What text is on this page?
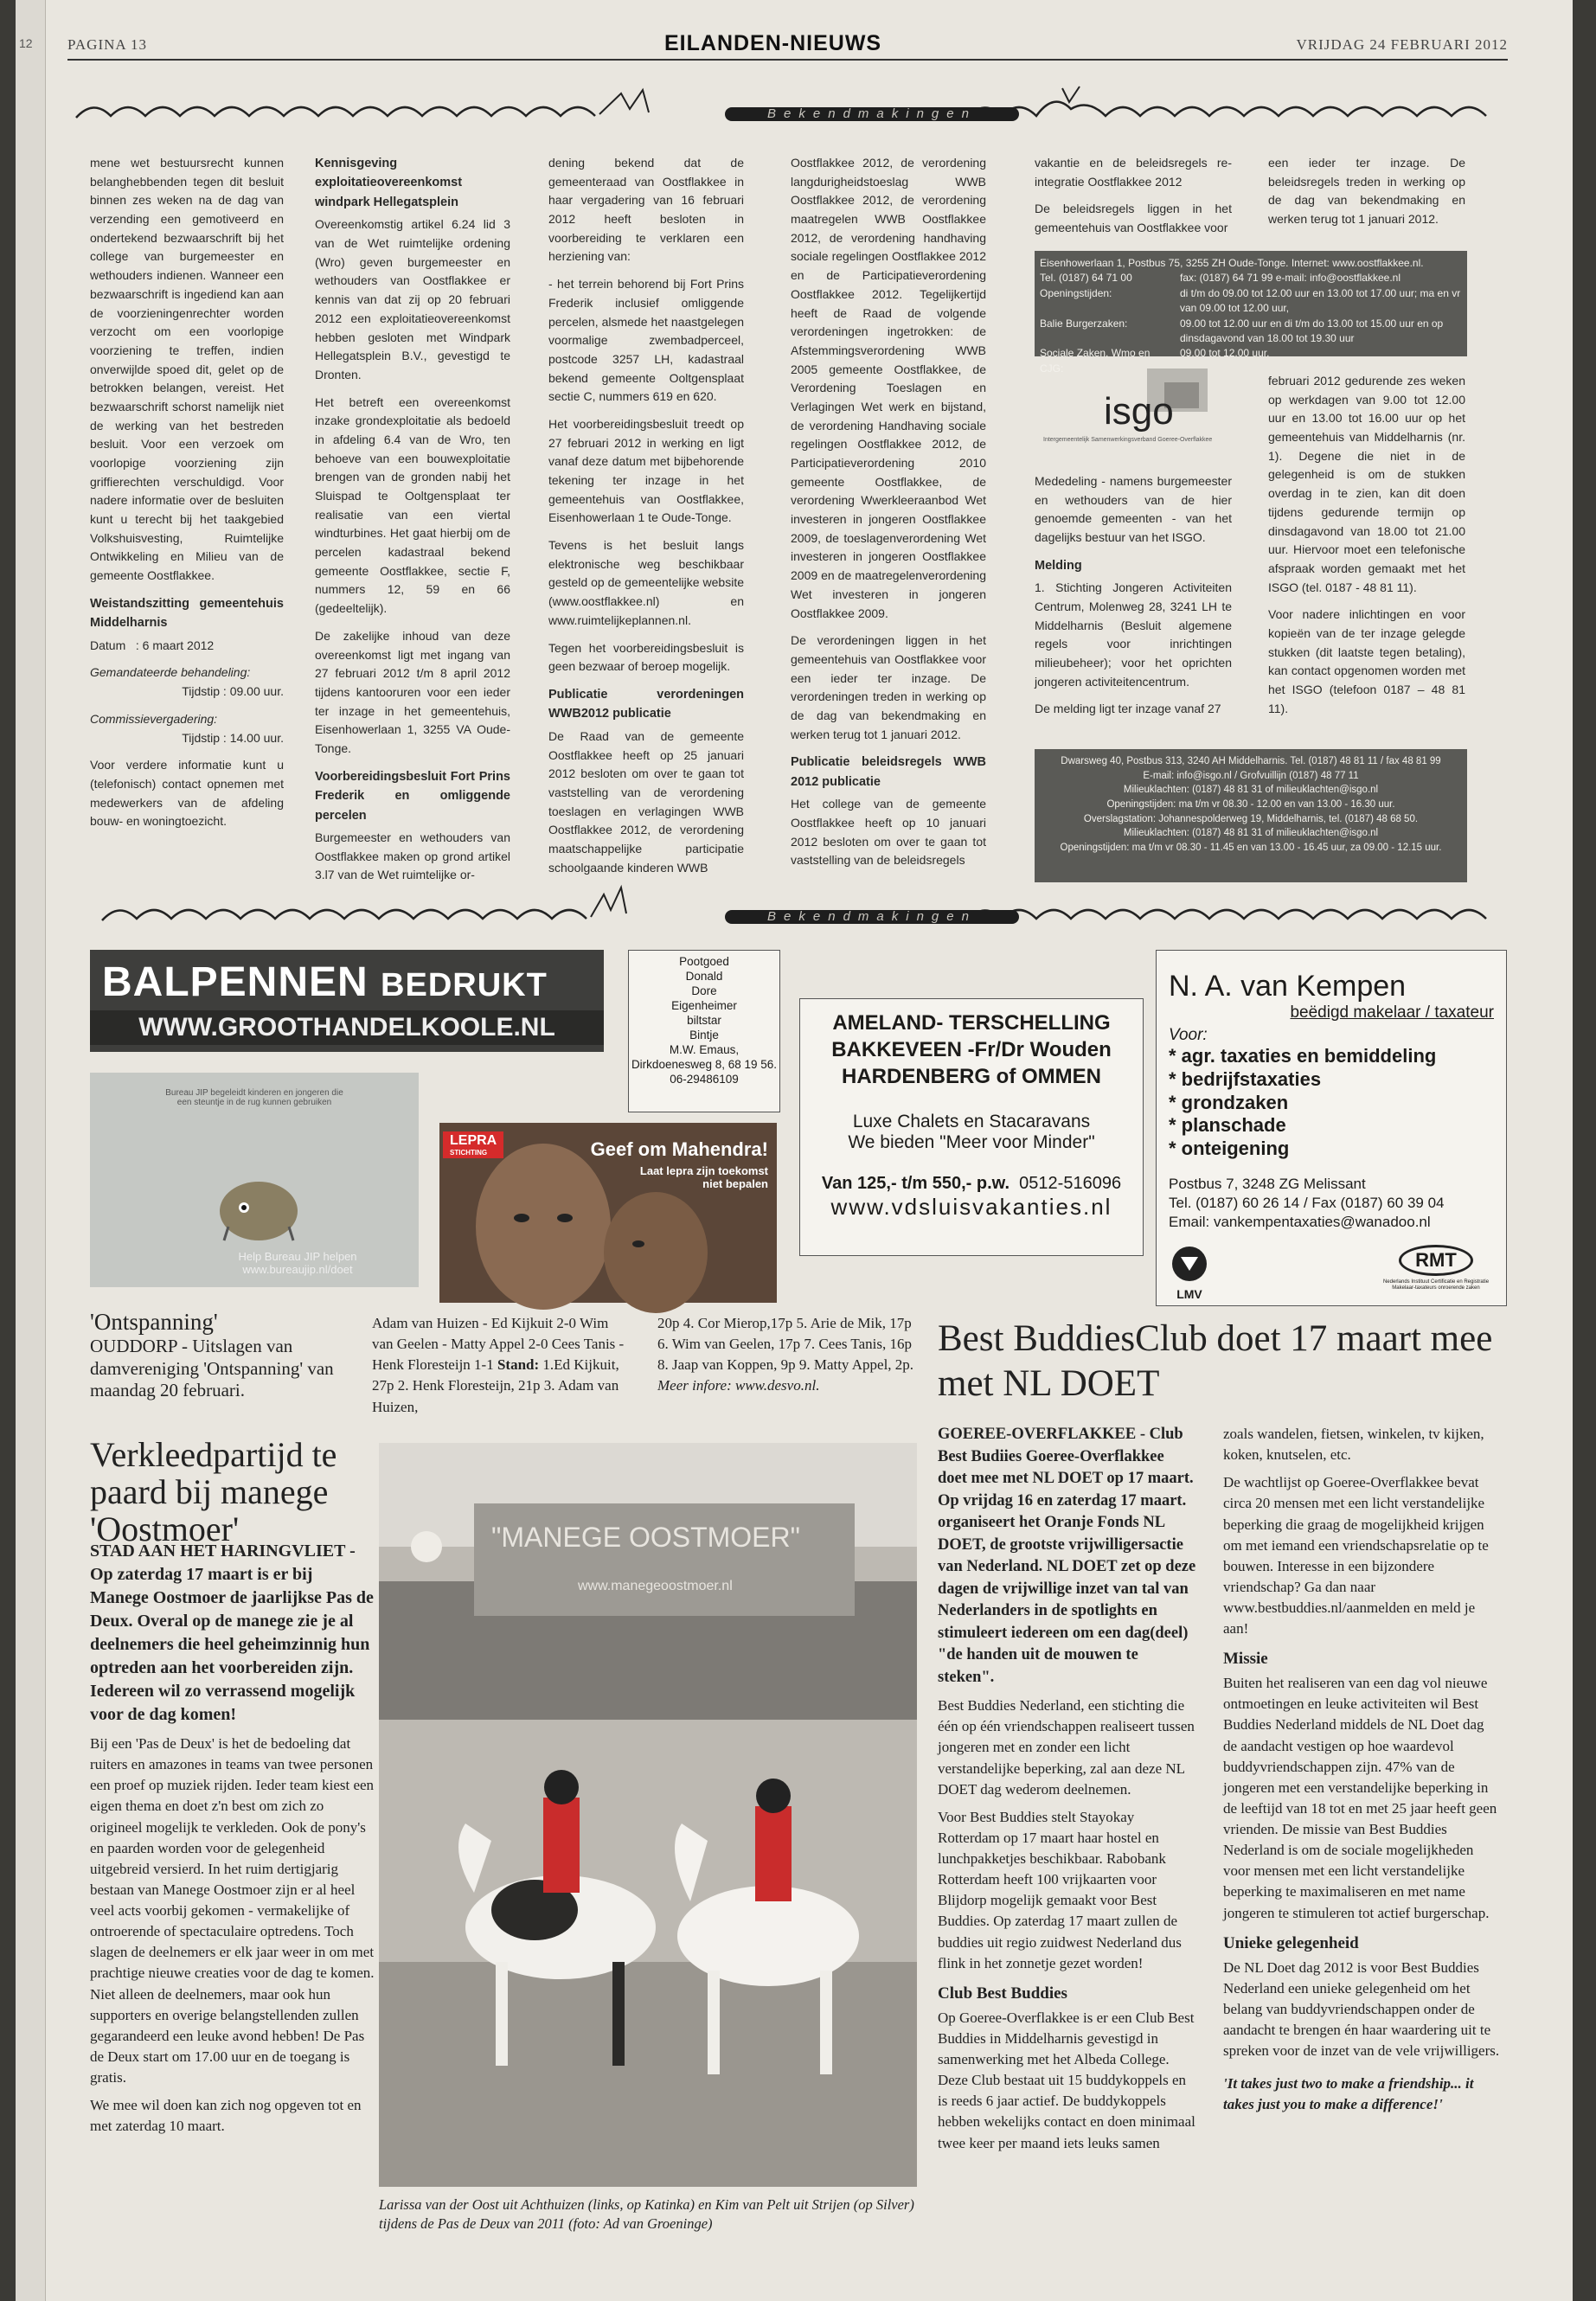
12 PAGINA 13	EILANDEN-NIEUWS	VRIJDAG 24 FEBRUARI 2012
Bekendmakingen

mene wet bestuursrecht kunnen belanghebbenden tegen dit besluit binnen zes weken na de dag van verzending een gemotiveerd en ondertekend bezwaarschrift bij het college van burgemeester en wethouders indienen. Wanneer een bezwaarschrift is ingediend kan aan de voorzieningenrechter worden verzocht om een voorlopige voorziening te treffen, indien onverwijlde spoed dit, gelet op de betrokken belangen, vereist. Het bezwaarschrift schorst namelijk niet de werking van het bestreden besluit. Voor een verzoek om voorlopige voorziening zijn griffierechten verschuldigd. Voor nadere informatie over de besluiten kunt u terecht bij het taakgebied Volkshuisvesting, Ruimtelijke Ontwikkeling en Milieu van de gemeente Oostflakkee.

Weistandszitting gemeentehuis Middelharnis

Datum : 6 maart 2012

Gemandateerde behandeling:

Tijdstip : 09.00 uur.

Commissievergadering:

Tijdstip : 14.00 uur.

Voor verdere informatie kunt u (telefonisch) contact opnemen met medewerkers van de afdeling bouw- en woningtoezicht.

Kennisgeving exploitatieovereenkomst windpark Hellegatsplein

Overeenkomstig artikel 6.24 lid 3 van de Wet ruimtelijke ordening (Wro) geven burgemeester en wethouders van Oostflakkee er kennis van dat zij op 20 februari 2012 een exploitatieovereenkomst hebben gesloten met Windpark Hellegatsplein B.V., gevestigd te Dronten.

Het betreft een overeenkomst inzake grondexploitatie als bedoeld in afdeling 6.4 van de Wro, ten behoeve van een bouwexploitatie brengen van de gronden nabij het Sluispad te Ooltgensplaat ter realisatie van een viertal windturbines. Het gaat hierbij om de percelen kadastraal bekend gemeente Oostflakkee, sectie F, nummers 12, 59 en 66 (gedeeltelijk).

De zakelijke inhoud van deze overeenkomst ligt met ingang van 27 februari 2012 t/m 8 april 2012 tijdens kantooruren voor een ieder ter inzage in het gemeentehuis, Eisenhowerlaan 1, 3255 VA Oude-Tonge.

Voorbereidingsbesluit Fort Prins Frederik en omliggende percelen

Burgemeester en wethouders van Oostflakkee maken op grond artikel 3.l7 van de Wet ruimtelijke or-

dening bekend dat de gemeenteraad van Oostflakkee in haar vergadering van 16 februari 2012 heeft besloten in voorbereiding te verklaren een herziening van:

- het terrein behorend bij Fort Prins Frederik inclusief omliggende percelen, alsmede het naastgelegen voormalige zwembadperceel, postcode 3257 LH, kadastraal bekend gemeente Ooltgensplaat sectie C, nummers 619 en 620.

Het voorbereidingsbesluit treedt op 27 februari 2012 in werking en ligt vanaf deze datum met bijbehorende tekening ter inzage in het gemeentehuis van Oostflakkee, Eisenhowerlaan 1 te Oude-Tonge.

Tevens is het besluit langs elektronische weg beschikbaar gesteld op de gemeentelijke website (www.oostflakkee.nl) en www.ruimtelijkeplannen.nl.

Tegen het voorbereidingsbesluit is geen bezwaar of beroep mogelijk.

Publicatie verordeningen WWB2012 publicatie

De Raad van de gemeente Oostflakkee heeft op 25 januari 2012 besloten om over te gaan tot vaststelling van de verordening toeslagen en verlagingen WWB Oostflakkee 2012, de verordening maatschappelijke participatie schoolgaande kinderen WWB

Oostflakkee 2012, de verordening langdurigheidstoeslag WWB Oostflakkee 2012, de verordening maatregelen WWB Oostflakkee 2012, de verordening handhaving sociale regelingen Oostflakkee 2012 en de Participatieverordening Oostflakkee 2012. Tegelijkertijd heeft de Raad de volgende verordeningen ingetrokken: de Afstemmingsverordening WWB 2005 gemeente Oostflakkee, de Verordening Toeslagen en Verlagingen Wet werk en bijstand, de verordening Handhaving sociale regelingen Oostflakkee 2012, de Participatieverordening 2010 gemeente Oostflakkee, de verordening Wwerkleeraanbod Wet investeren in jongeren Oostflakkee 2009, de toeslagenverordening Wet investeren in jongeren Oostflakkee 2009 en de maatregelenverordening Wet investeren in jongeren Oostflakkee 2009.

De verordeningen liggen in het gemeentehuis van Oostflakkee voor een ieder ter inzage. De verordeningen treden in werking op de dag van bekendmaking en werken terug tot 1 januari 2012.

Publicatie beleidsregels WWB 2012 publicatie

Het college van de gemeente Oostflakkee heeft op 10 januari 2012 besloten om over te gaan tot vaststelling van de beleidsregels

vakantie en de beleidsregels re-integratie Oostflakkee 2012

De beleidsregels liggen in het gemeentehuis van Oostflakkee voor

een ieder ter inzage. De beleidsregels treden in werking op de dag van bekendmaking en werken terug tot 1 januari 2012.

Eisenhowerlaan 1, Postbus 75, 3255 ZH Oude-Tonge. Internet: www.oostflakkee.nl.	
Tel. (0187) 64 71 00	fax: (0187) 64 71 99 e-mail: info@oostflakkee.nl
Openingstijden:	di t/m do 09.00 tot 12.00 uur en 13.00 tot 17.00 uur; ma en vr van 09.00 tot 12.00 uur,
Balie Burgerzaken:	09.00 tot 12.00 uur en di t/m do 13.00 tot 15.00 uur en op dinsdagavond van 18.00 tot 19.30 uur
Sociale Zaken, Wmo en CJG:	09.00 tot 12.00 uur.
isgo
Intergemeentelijk Samenwerkingsverband Goeree-Overflakkee

Mededeling - namens burgemeester en wethouders van de hier genoemde gemeenten - van het dagelijks bestuur van het ISGO.

Melding

1. Stichting Jongeren Activiteiten Centrum, Molenweg 28, 3241 LH te Middelharnis (Besluit algemene regels voor inrichtingen milieubeheer); voor het oprichten jongeren activiteitencentrum.

De melding ligt ter inzage vanaf 27

februari 2012 gedurende zes weken op werkdagen van 9.00 tot 12.00 uur en 13.00 tot 16.00 uur op het gemeentehuis van Middelharnis (nr. 1). Degene die niet in de gelegenheid is om de stukken overdag in te zien, kan dit doen tijdens gedurende termijn op dinsdagavond van 18.00 tot 21.00 uur. Hiervoor moet een telefonische afspraak worden gemaakt met het ISGO (tel. 0187 - 48 81 11).

Voor nadere inlichtingen en voor kopieën van de ter inzage gelegde stukken (dit laatste tegen betaling), kan contact opgenomen worden met het ISGO (telefoon 0187 – 48 81 11).

Dwarsweg 40, Postbus 313, 3240 AH Middelharnis. Tel. (0187) 48 81 11 / fax 48 81 99
E-mail: info@isgo.nl / Grofvuillijn (0187) 48 77 11
Milieuklachten: (0187) 48 81 31 of milieuklachten@isgo.nl
Openingstijden: ma t/m vr 08.30 - 12.00 en van 13.00 - 16.30 uur.
Overslagstation: Johannespolderweg 19, Middelharnis, tel. (0187) 48 68 50.
Milieuklachten: (0187) 48 81 31 of milieuklachten@isgo.nl
Openingstijden: ma t/m vr 08.30 - 11.45 en van 13.00 - 16.45 uur, za 09.00 - 12.15 uur.
Bekendmakingen
BALPENNEN BEDRUKT
WWW.GROOTHANDELKOOLE.NL
Bureau JIP begeleidt kinderen en jongeren die een steuntje in de rug kunnen gebruiken
Help Bureau JIP helpen www.bureaujip.nl/doet
LEPRA
STICHTING	Geef om Mahendra!
Laat lepra zijn toekomst niet bepalen
Pootgoed
Donald
Dore
Eigenheimer
biltstar
Bintje
M.W. Emaus,
Dirkdoenesweg 8, 68 19 56.
06-29486109
AMELAND- TERSCHELLING
BAKKEVEEN -Fr/Dr Wouden
HARDENBERG of OMMEN
Luxe Chalets en Stacaravans
We bieden "Meer voor Minder"
Van 125,- t/m 550,- p.w. 0512-516096
www.vdsluisvakanties.nl
N. A. van Kempen
beëdigd makelaar / taxateur
Voor:
* agr. taxaties en bemiddeling
* bedrijfstaxaties
* grondzaken
* planschade
* onteigening
Postbus 7, 3248 ZG Melissant
Tel. (0187) 60 26 14 / Fax (0187) 60 39 04
Email: vankempentaxaties@wanadoo.nl
LMV
RMT
Nederlands Instituut Certificatie en Registratie Makelaar-taxateurs onroerende zaken
'Ontspanning'
OUDDORP - Uitslagen van damvereniging 'Ontspanning' van maandag 20 februari.
Adam van Huizen - Ed Kijkuit 2-0 Wim van Geelen - Matty Appel 2-0 Cees Tanis - Henk Floresteijn 1-1 Stand: 1.Ed Kijkuit, 27p 2. Henk Floresteijn, 21p 3. Adam van Huizen,
20p 4. Cor Mierop,17p 5. Arie de Mik, 17p 6. Wim van Geelen, 17p 7. Cees Tanis, 16p 8. Jaap van Koppen, 9p 9. Matty Appel, 2p. Meer infore: www.desvo.nl.
Verkleedpartijd te paard bij manege 'Oostmoer'

STAD AAN HET HARINGVLIET - Op zaterdag 17 maart is er bij Manege Oostmoer de jaarlijkse Pas de Deux. Overal op de manege zie je al deelnemers die heel geheimzinnig hun optreden aan het voorbereiden zijn. Iedereen wil zo verrassend mogelijk voor de dag komen!

Bij een 'Pas de Deux' is het de bedoeling dat ruiters en amazones in teams van twee personen een proef op muziek rijden. Ieder team kiest een eigen thema en doet z'n best om zich zo origineel mogelijk te verkleden. Ook de pony's en paarden worden voor de gelegenheid uitgebreid versierd. In het ruim dertigjarig bestaan van Manege Oostmoer zijn er al heel veel acts voorbij gekomen - vermakelijke of ontroerende of spectaculaire optredens. Toch slagen de deelnemers er elk jaar weer in om met prachtige nieuwe creaties voor de dag te komen. Niet alleen de deelnemers, maar ook hun supporters en overige belangstellenden zullen gegarandeerd een leuke avond hebben! De Pas de Deux start om 17.00 uur en de toegang is gratis.

We mee wil doen kan zich nog opgeven tot en met zaterdag 10 maart.

"MANEGE OOSTMOER"
www.manegeoostmoer.nl
Larissa van der Oost uit Achthuizen (links, op Katinka) en Kim van Pelt uit Strijen (op Silver) tijdens de Pas de Deux van 2011 (foto: Ad van Groeninge)
Best BuddiesClub doet 17 maart mee met NL DOET

GOEREE-OVERFLAKKEE - Club Best Budiies Goeree-Overflakkee doet mee met NL DOET op 17 maart. Op vrijdag 16 en zaterdag 17 maart. organiseert het Oranje Fonds NL DOET, de grootste vrijwilligersactie van Nederland. NL DOET zet op deze dagen de vrijwillige inzet van tal van Nederlanders in de spotlights en stimuleert iedereen om een dag(deel) "de handen uit de mouwen te steken".

Best Buddies Nederland, een stichting die één op één vriendschappen realiseert tussen jongeren met en zonder een licht verstandelijke beperking, zal aan deze NL DOET dag wederom deelnemen.

Voor Best Buddies stelt Stayokay Rotterdam op 17 maart haar hostel en lunchpakketjes beschikbaar. Rabobank Rotterdam heeft 100 vrijkaarten voor Blijdorp mogelijk gemaakt voor Best Buddies. Op zaterdag 17 maart zullen de buddies uit regio zuidwest Nederland dus flink in het zonnetje gezet worden!

Club Best Buddies

Op Goeree-Overflakkee is er een Club Best Buddies in Middelharnis gevestigd in samenwerking met het Albeda College. Deze Club bestaat uit 15 buddykoppels en is reeds 6 jaar actief. De buddykoppels hebben wekelijks contact en doen minimaal twee keer per maand iets leuks samen

zoals wandelen, fietsen, winkelen, tv kijken, koken, knutselen, etc.

De wachtlijst op Goeree-Overflakkee bevat circa 20 mensen met een licht verstandelijke beperking die graag de mogelijkheid krijgen om met iemand een vriendschapsrelatie op te bouwen. Interesse in een bijzondere vriendschap? Ga dan naar www.bestbuddies.nl/aanmelden en meld je aan!

Missie

Buiten het realiseren van een dag vol nieuwe ontmoetingen en leuke activiteiten wil Best Buddies Nederland middels de NL Doet dag de aandacht vestigen op hoe waardevol buddyvriendschappen zijn. 47% van de jongeren met een verstandelijke beperking in de leeftijd van 18 tot en met 25 jaar heeft geen vrienden. De missie van Best Buddies Nederland is om de sociale mogelijkheden voor mensen met een licht verstandelijke beperking te maximaliseren en met name jongeren te stimuleren tot actief burgerschap.

Unieke gelegenheid

De NL Doet dag 2012 is voor Best Buddies Nederland een unieke gelegenheid om het belang van buddyvriendschappen onder de aandacht te brengen én haar waardering uit te spreken voor de inzet van de vele vrijwilligers.

'It takes just two to make a friendship... it takes just you to make a difference!'
